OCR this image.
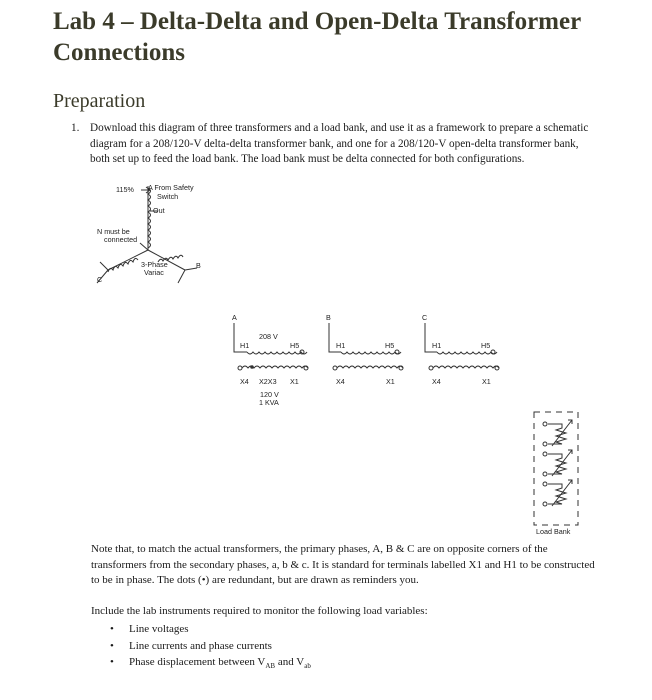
Lab 4 – Delta-Delta and Open-Delta Transformer Connections
Preparation
1. Download this diagram of three transformers and a load bank, and use it as a framework to prepare a schematic diagram for a 208/120-V delta-delta transformer bank, and one for a 208/120-V open-delta transformer bank, both set up to feed the load bank. The load bank must be delta connected for both configurations.
115% A From Safety
Switch
Out
N must be
connected
3-Phase
Variac
C
B
A
208 V
H1	H5
X4 X2X3 X1
120 V
1 KVA
B
H1	H5
X4	X1
C
H1	H5
X4	X1
Load Bank
Note that, to match the actual transformers, the primary phases, A, B & C are on opposite corners of the transformers from the secondary phases, a, b & c. It is standard for terminals labelled X1 and H1 to be constructed to be in phase. The dots (•) are redundant, but are drawn as reminders you.
Include the lab instruments required to monitor the following load variables:
• Line voltages
• Line currents and phase currents
• Phase displacement between $V_{AB}$ and $V_{ab}$
